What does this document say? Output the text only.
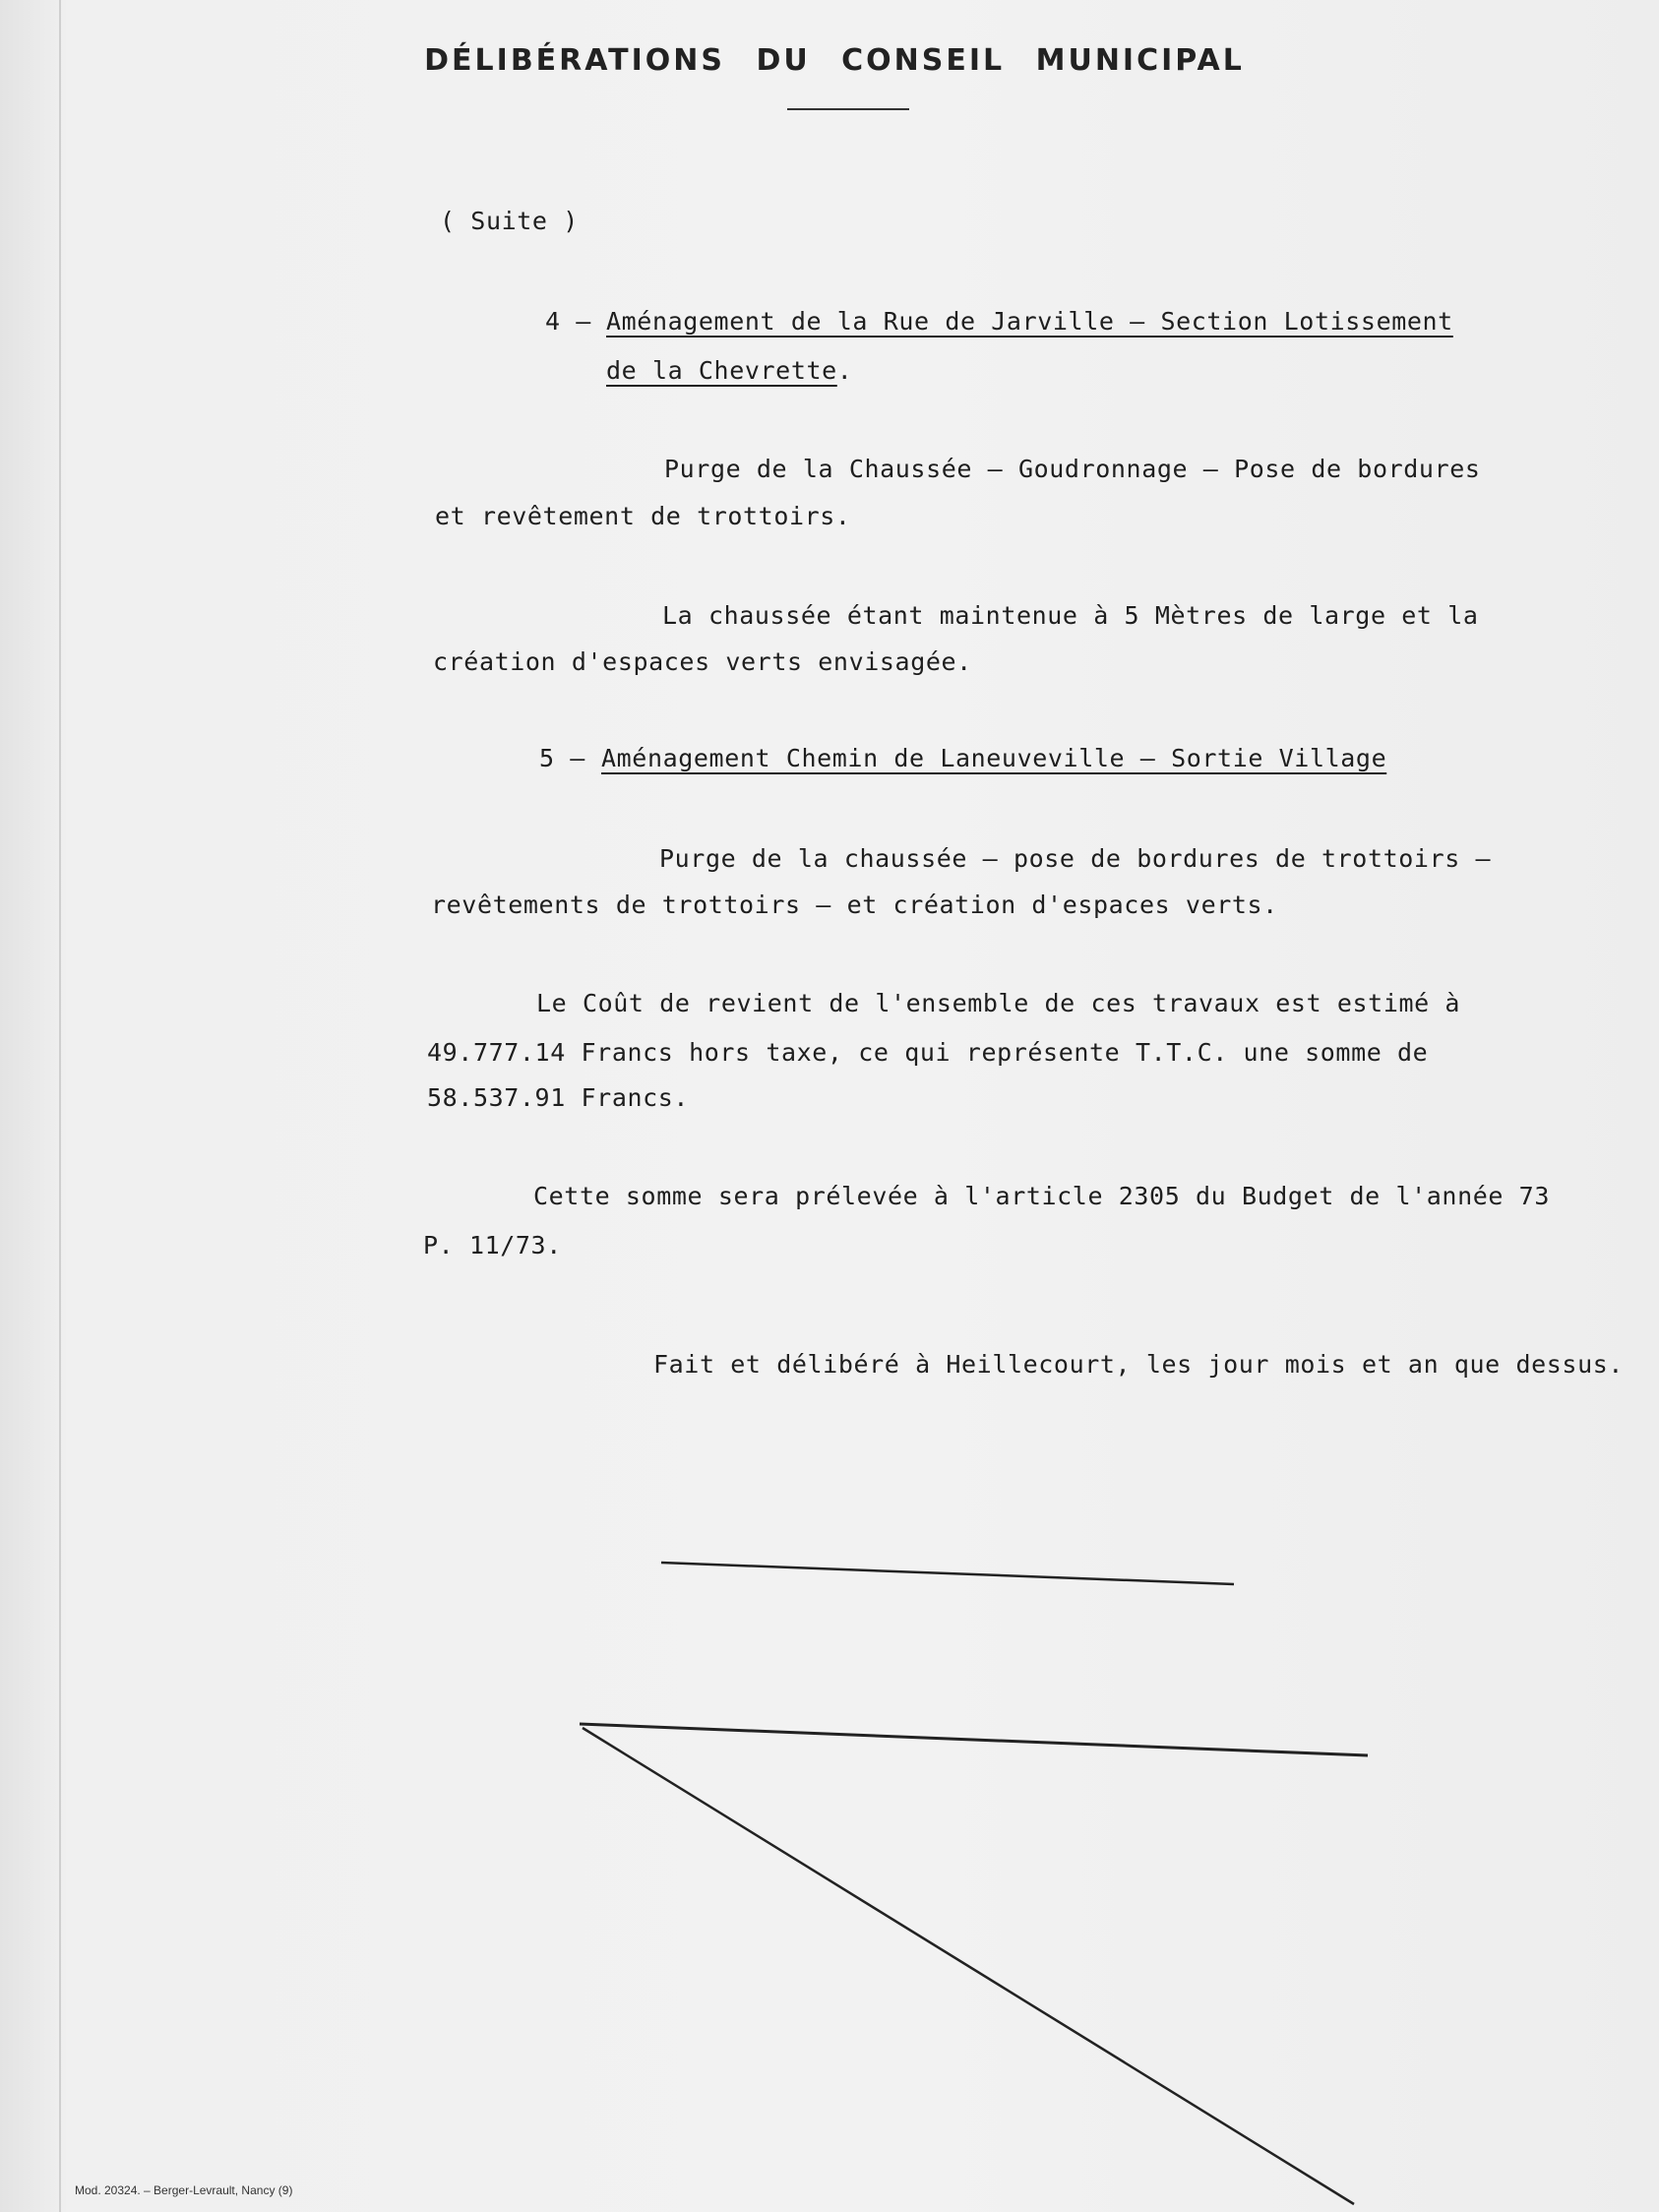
DÉLIBÉRATIONS DU CONSEIL MUNICIPAL
( Suite )
4 – Aménagement de la Rue de Jarville – Section Lotissement
de la Chevrette.
Purge de la Chaussée – Goudronnage – Pose de bordures
et revêtement de trottoirs.
La chaussée étant maintenue à 5 Mètres de large et la
création d'espaces verts envisagée.
5 – Aménagement Chemin de Laneuveville – Sortie Village
Purge de la chaussée – pose de bordures de trottoirs –
revêtements de trottoirs – et création d'espaces verts.
Le Coût de revient de l'ensemble de ces travaux est estimé à
49.777.14 Francs hors taxe, ce qui représente T.T.C. une somme de
58.537.91 Francs.
Cette somme sera prélevée à l'article 2305 du Budget de l'année 73
P. 11/73.
Fait et délibéré à Heillecourt, les jour mois et an que dessus.
Mod. 20324. – Berger-Levrault, Nancy (9)
